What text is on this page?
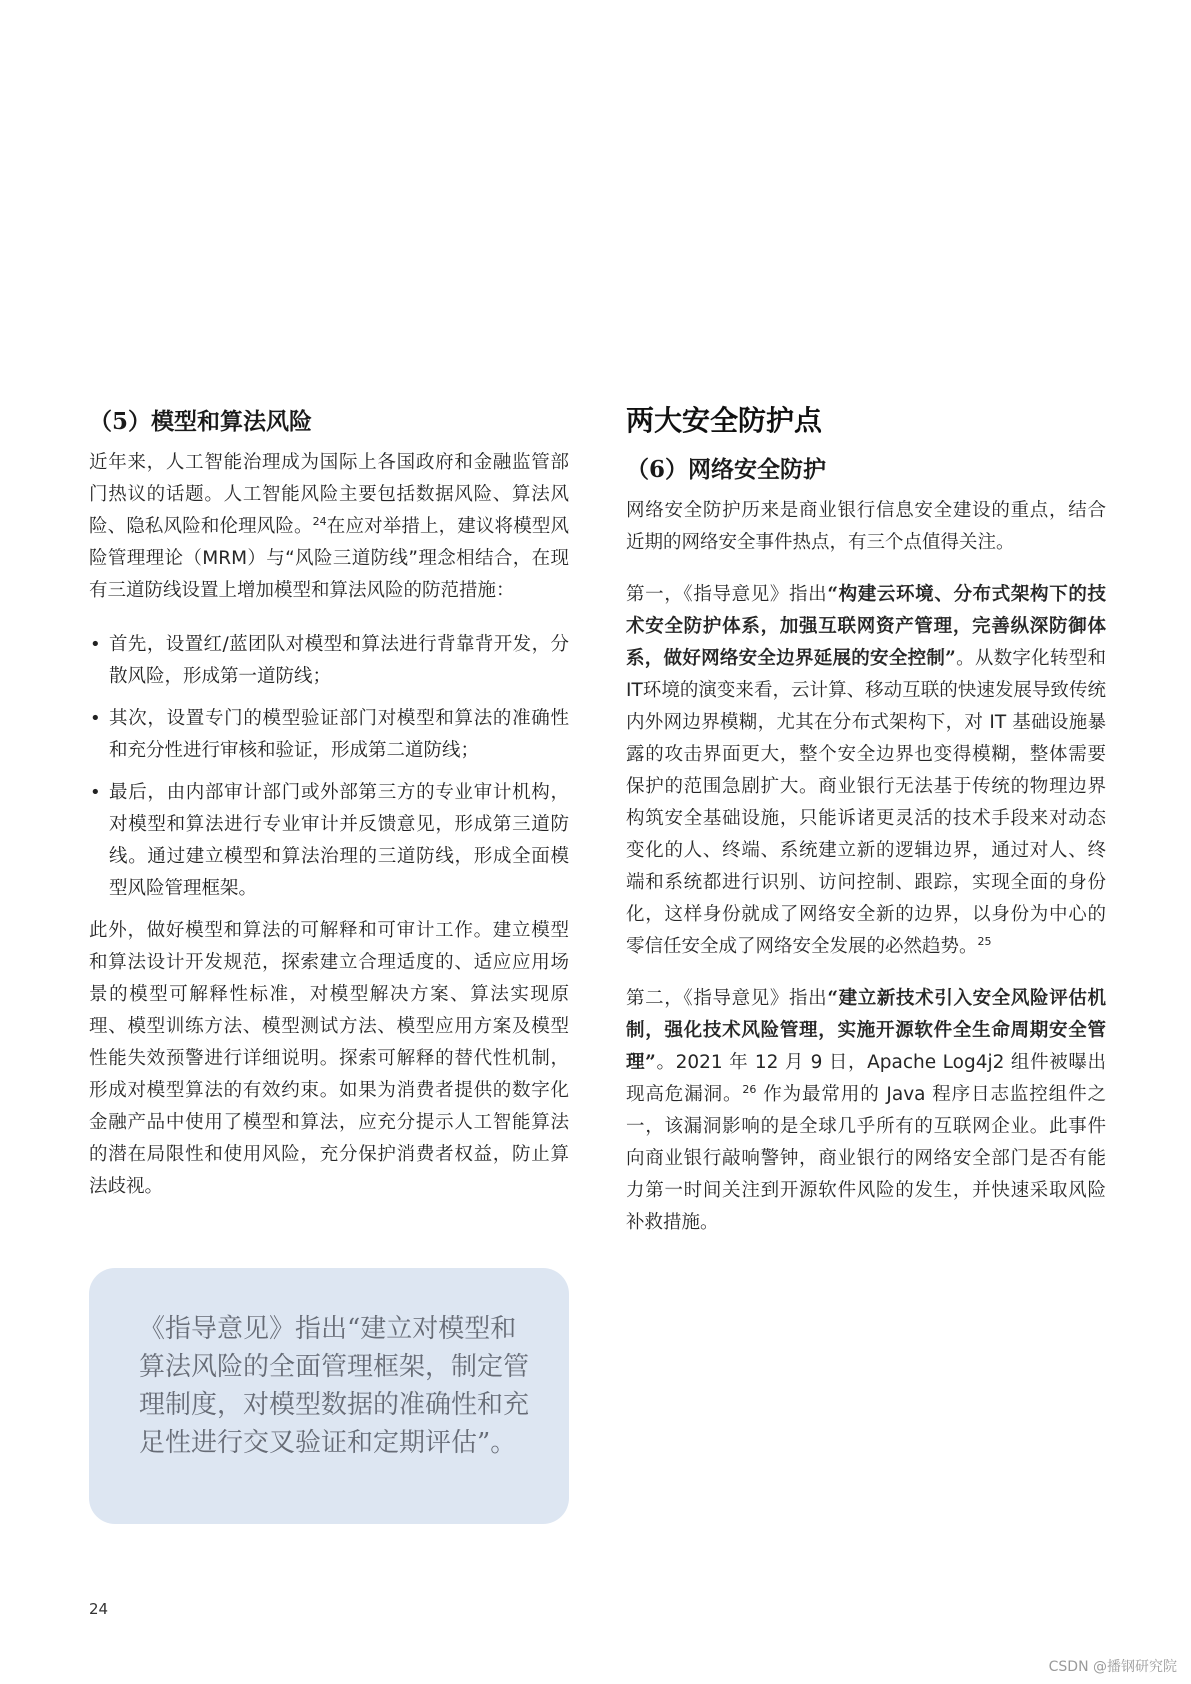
（5）模型和算法风险

近年来，人工智能治理成为国际上各国政府和金融监管部门热议的话题。人工智能风险主要包括数据风险、算法风险、隐私风险和伦理风险。$^{24}$在应对举措上，建议将模型风险管理理论（MRM）与“风险三道防线”理念相结合，在现有三道防线设置上增加模型和算法风险的防范措施：

• 首先，设置红/蓝团队对模型和算法进行背靠背开发，分散风险，形成第一道防线；
• 其次，设置专门的模型验证部门对模型和算法的准确性和充分性进行审核和验证，形成第二道防线；
• 最后，由内部审计部门或外部第三方的专业审计机构，对模型和算法进行专业审计并反馈意见，形成第三道防线。通过建立模型和算法治理的三道防线，形成全面模型风险管理框架。

此外，做好模型和算法的可解释和可审计工作。建立模型和算法设计开发规范，探索建立合理适度的、适应应用场景的模型可解释性标准，对模型解决方案、算法实现原理、模型训练方法、模型测试方法、模型应用方案及模型性能失效预警进行详细说明。探索可解释的替代性机制，形成对模型算法的有效约束。如果为消费者提供的数字化金融产品中使用了模型和算法，应充分提示人工智能算法的潜在局限性和使用风险，充分保护消费者权益，防止算法歧视。

《指导意见》指出“建立对模型和算法风险的全面管理框架，制定管理制度，对模型数据的准确性和充足性进行交叉验证和定期评估”。

两大安全防护点
（6）网络安全防护

网络安全防护历来是商业银行信息安全建设的重点，结合近期的网络安全事件热点，有三个点值得关注。

第一，《指导意见》指出“构建云环境、分布式架构下的技术安全防护体系，加强互联网资产管理，完善纵深防御体系，做好网络安全边界延展的安全控制”。从数字化转型和IT环境的演变来看，云计算、移动互联的快速发展导致传统内外网边界模糊，尤其在分布式架构下，对 IT 基础设施暴露的攻击界面更大，整个安全边界也变得模糊，整体需要保护的范围急剧扩大。商业银行无法基于传统的物理边界构筑安全基础设施，只能诉诸更灵活的技术手段来对动态变化的人、终端、系统建立新的逻辑边界，通过对人、终端和系统都进行识别、访问控制、跟踪，实现全面的身份化，这样身份就成了网络安全新的边界，以身份为中心的零信任安全成了网络安全发展的必然趋势。$^{25}$

第二，《指导意见》指出“建立新技术引入安全风险评估机制，强化技术风险管理，实施开源软件全生命周期安全管理”。2021 年 12 月 9 日，Apache Log4j2 组件被曝出现高危漏洞。$^{26}$ 作为最常用的 Java 程序日志监控组件之一，该漏洞影响的是全球几乎所有的互联网企业。此事件向商业银行敲响警钟，商业银行的网络安全部门是否有能力第一时间关注到开源软件风险的发生，并快速采取风险补救措施。

24
CSDN @播钢研究院
